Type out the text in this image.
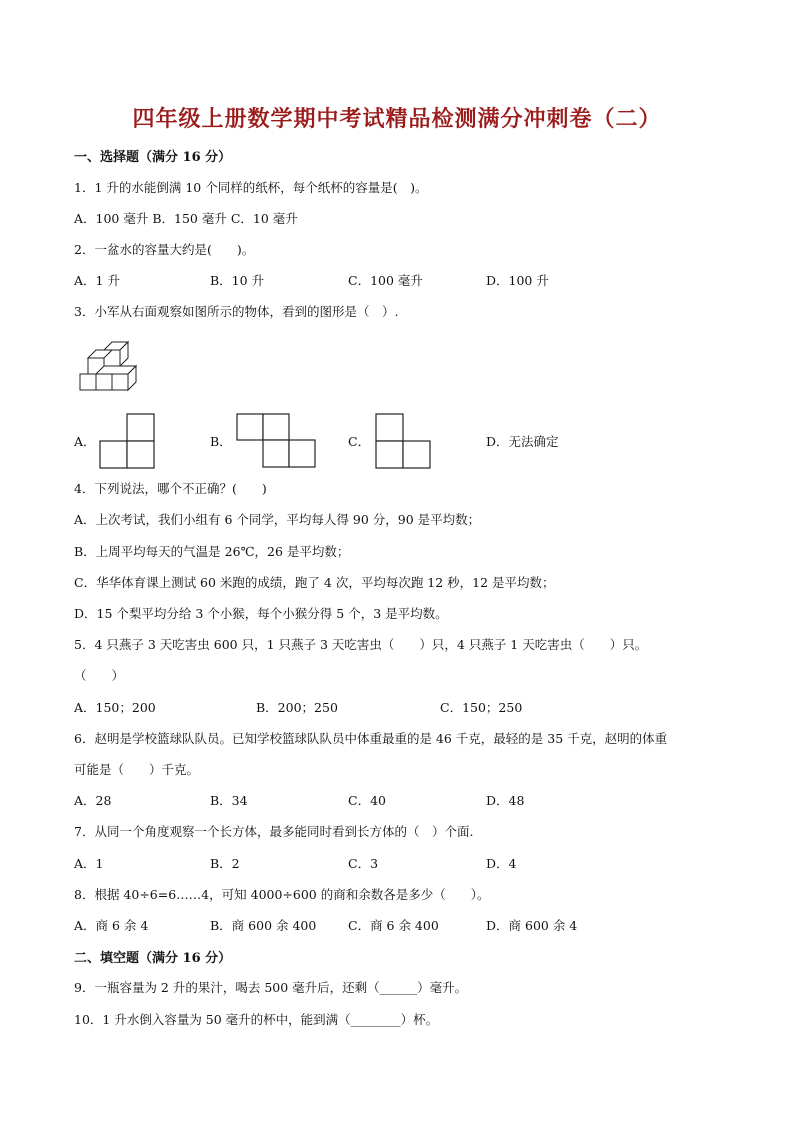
四年级上册数学期中考试精品检测满分冲刺卷（二）
一、选择题（满分 16 分）
1．1 升的水能倒满 10 个同样的纸杯，每个纸杯的容量是(　)。
A．100 毫升 B．150 毫升 C．10 毫升
2．一盆水的容量大约是(　　)。
A．1 升	B．10 升	C．100 毫升	D．100 升
3．小军从右面观察如图所示的物体，看到的图形是（　）.
A．	B．	C．	D．无法确定
4．下列说法，哪个不正确？(　　)
A．上次考试，我们小组有 6 个同学，平均每人得 90 分，90 是平均数；
B．上周平均每天的气温是 26℃，26 是平均数；
C．华华体育课上测试 60 米跑的成绩，跑了 4 次，平均每次跑 12 秒，12 是平均数；
D．15 个梨平均分给 3 个小猴，每个小猴分得 5 个，3 是平均数。
5．4 只燕子 3 天吃害虫 600 只，1 只燕子 3 天吃害虫（　　）只，4 只燕子 1 天吃害虫（　　）只。
（　　）
A．150；200	B．200；250	C．150；250
6．赵明是学校篮球队队员。已知学校篮球队队员中体重最重的是 46 千克，最轻的是 35 千克，赵明的体重
可能是（　　）千克。
A．28	B．34	C．40	D．48
7．从同一个角度观察一个长方体，最多能同时看到长方体的（　）个面.
A．1	B．2	C．3	D．4
8．根据 40÷6=6……4，可知 4000÷600 的商和余数各是多少（　　）。
A．商 6 余 4	B．商 600 余 400	C．商 6 余 400	D．商 600 余 4
二、填空题（满分 16 分）
9．一瓶容量为 2 升的果汁，喝去 500 毫升后，还剩（______）毫升。
10．1 升水倒入容量为 50 毫升的杯中，能到满（________）杯。
